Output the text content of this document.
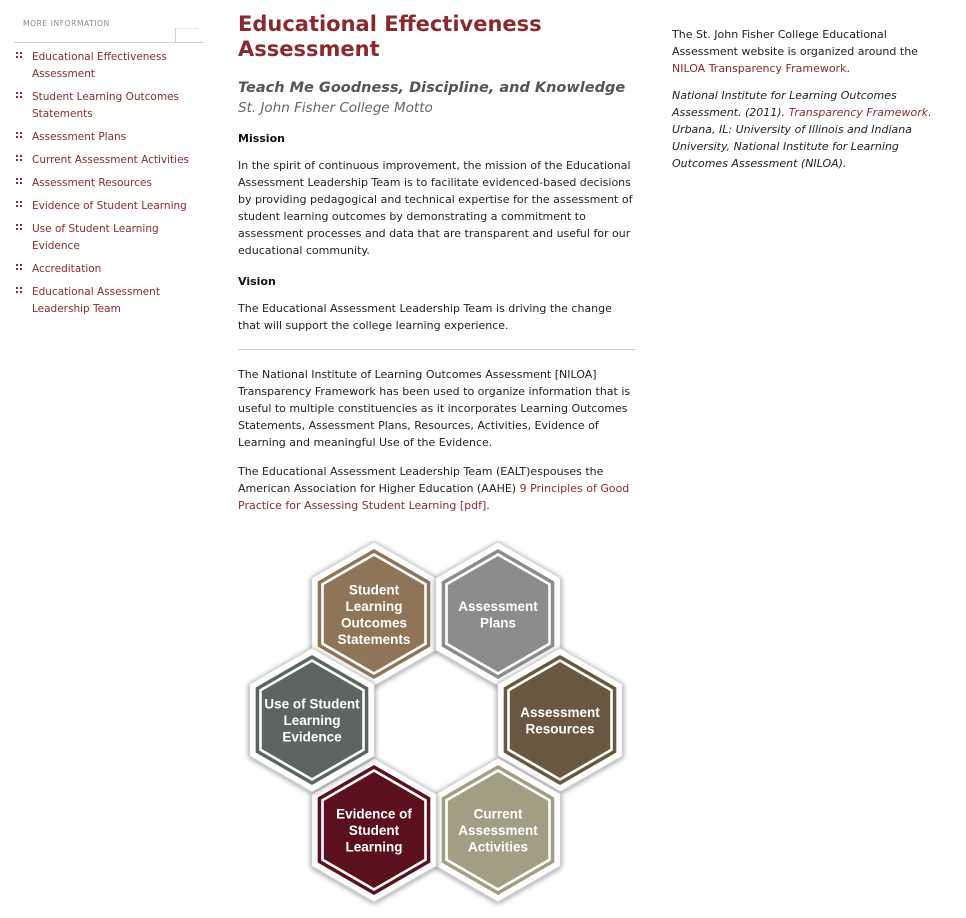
MORE INFORMATION
Educational Effectiveness
Assessment
Student Learning Outcomes
Statements
Assessment Plans
Current Assessment Activities
Assessment Resources
Evidence of Student Learning
Use of Student Learning
Evidence
Accreditation
Educational Assessment
Leadership Team
Educational Effectiveness
Assessment

Teach Me Goodness, Discipline, and Knowledge

St. John Fisher College Motto

Mission

In the spirit of continuous improvement, the mission of the Educational Assessment Leadership Team is to facilitate evidenced-based decisions by providing pedagogical and technical expertise for the assessment of student learning outcomes by demonstrating a commitment to assessment processes and data that are transparent and useful for our educational community.

Vision

The Educational Assessment Leadership Team is driving the change that will support the college learning experience.

The National Institute of Learning Outcomes Assessment [NILOA] Transparency Framework has been used to organize information that is useful to multiple constituencies as it incorporates Learning Outcomes Statements, Assessment Plans, Resources, Activities, Evidence of Learning and meaningful Use of the Evidence.

The Educational Assessment Leadership Team (EALT)espouses the American Association for Higher Education (AAHE) 9 Principles of Good Practice for Assessing Student Learning [pdf].

The St. John Fisher College Educational Assessment website is organized around the NILOA Transparency Framework.

National Institute for Learning Outcomes Assessment. (2011). Transparency Framework. Urbana, IL: University of Illinois and Indiana University, National Institute for Learning Outcomes Assessment (NILOA).

Student
Learning
Outcomes
Statements
Assessment
Plans
Assessment
Resources
Current
Assessment
Activities
Evidence of
Student
Learning
Use of Student
Learning
Evidence
